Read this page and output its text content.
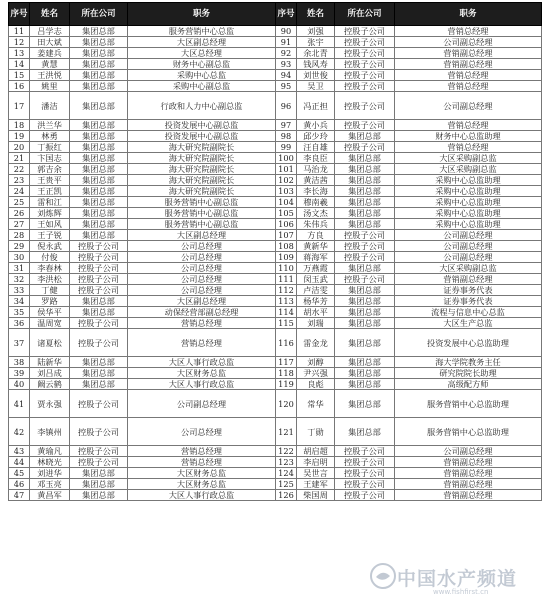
序号	姓名	所在公司	职务	序号	姓名	所在公司	职务
11	吕学志	集团总部	服务营销中心总监	90	刘强	控股子公司	营销总经理
12	田大斌	集团总部	大区副总经理	91	张宇	控股子公司	公司副总经理
13	姜建兵	集团总部	大区总经理	92	余北青	控股子公司	营销副总经理
14	黄慧	集团总部	财务中心副总监	93	钱风寿	控股子公司	营销副总经理
15	王洪悦	集团总部	采购中心总监	94	刘世俊	控股子公司	营销总经理
16	姚里	集团总部	采购中心副总监	95	吴卫	控股子公司	营销总经理
17	潘洁	集团总部	行政和人力中心副总监	96	冯正担	控股子公司	公司副总经理
18	洪兰华	集团总部	投资发展中心副总监	97	黄小兵	控股子公司	营销总经理
19	林勇	集团总部	投资发展中心副总监	98	邱少玲	集团总部	财务中心总监助理
20	丁振红	集团总部	海大研究院副院长	99	汪自雄	控股子公司	营销总经理
21	卞国志	集团总部	海大研究院副院长	100	李良臣	集团总部	大区采购副总监
22	郭吉余	集团总部	海大研究院副院长	101	马治龙	集团总部	大区采购副总监
23	王贵平	集团总部	海大研究院副院长	102	黄洁茜	集团总部	采购中心总监助理
24	王正凯	集团总部	海大研究院副院长	103	李长海	集团总部	采购中心总监助理
25	雷和江	集团总部	服务营销中心副总监	104	穆南羲	集团总部	采购中心总监助理
26	刘炼辉	集团总部	服务营销中心副总监	105	汤文杰	集团总部	采购中心总监助理
27	王如风	集团总部	服务营销中心副总监	106	朱伟兵	集团总部	采购中心总监助理
28	王子锐	集团总部	大区副总经理	107	方良	控股子公司	公司副总经理
29	倪永武	控股子公司	公司总经理	108	黄新华	控股子公司	公司副总经理
30	付俊	控股子公司	公司总经理	109	蒋海军	控股子公司	公司副总经理
31	李春林	控股子公司	公司总经理	110	万燕霞	集团总部	大区采购副总监
32	李洪松	控股子公司	公司总经理	111	闵玉武	控股子公司	营销副总经理
33	丁健	控股子公司	公司总经理	112	卢洁雯	集团总部	证券事务代表
34	罗路	集团总部	大区副总经理	113	杨华芳	集团总部	证券事务代表
35	侯华平	集团总部	动保经营部副总经理	114	胡水平	集团总部	流程与信息中心总监
36	温周宽	控股子公司	营销总经理	115	刘瑞	集团总部	大区生产总监
37	诸夏松	控股子公司	营销总经理	116	雷金龙	集团总部	投资发展中心总监助理
38	陆新华	集团总部	大区人事行政总监	117	刘醇	集团总部	海大学院教务主任
39	刘吕成	集团总部	大区财务总监	118	尹兴强	集团总部	研究院院长助理
40	阚云鹤	集团总部	大区人事行政总监	119	良彪	集团总部	高级配方师
41	贾永强	控股子公司	公司副总经理	120	常华	集团总部	服务营销中心总监助理
42	李镇州	控股子公司	公司总经理	121	丁勋	集团总部	服务营销中心总监助理
43	黄瑜凡	控股子公司	营销总经理	122	胡启超	控股子公司	公司副总经理
44	林晓光	控股子公司	营销总经理	123	李启明	控股子公司	营销副总经理
45	刘进华	集团总部	大区财务总监	124	吴世言	控股子公司	营销副总经理
46	邓玉亮	集团总部	大区财务总监	125	王建军	控股子公司	营销副总经理
47	黄昌军	集团总部	大区人事行政总监	126	柴国周	控股子公司	营销副总经理
中国水产频道
www.fishfirst.cn
